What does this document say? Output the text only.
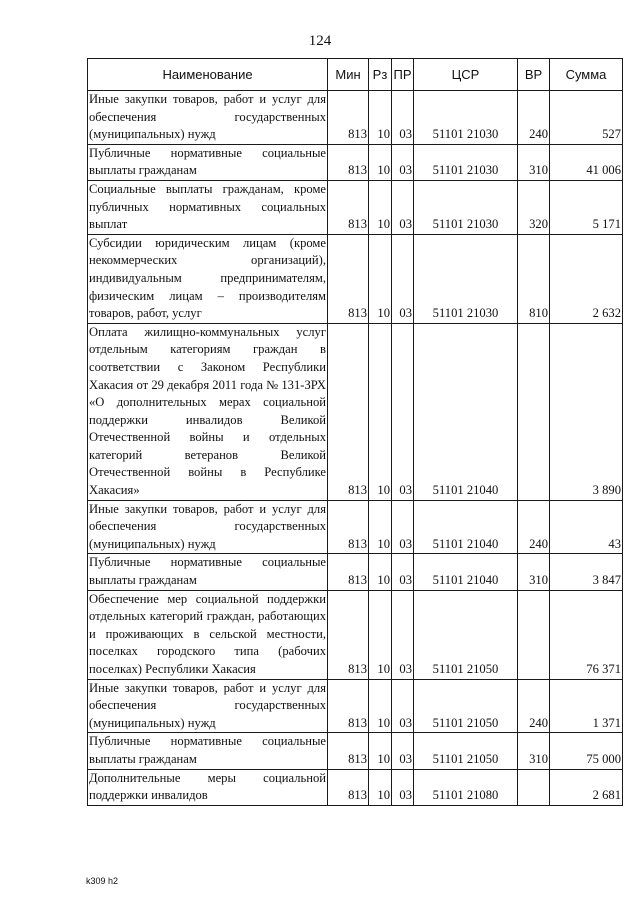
124
Наименование	Мин	Рз	ПР	ЦСР	ВР	Сумма
Иные закупки товаров, работ и услуг для обеспечения государственных (муниципальных) нужд	813	10	03	51101 21030	240	527
Публичные нормативные социальные выплаты гражданам	813	10	03	51101 21030	310	41 006
Социальные выплаты гражданам, кроме публичных нормативных социальных выплат	813	10	03	51101 21030	320	5 171
Субсидии юридическим лицам (кроме некоммерческих организаций), индивидуальным предпринимателям, физическим лицам – производителям товаров, работ, услуг	813	10	03	51101 21030	810	2 632
Оплата жилищно-коммунальных услуг отдельным категориям граждан в соответствии с Законом Республики Хакасия от 29 декабря 2011 года № 131-ЗРХ «О дополнительных мерах социальной поддержки инвалидов Великой Отечественной войны и отдельных категорий ветеранов Великой Отечественной войны в Республике Хакасия»	813	10	03	51101 21040		3 890
Иные закупки товаров, работ и услуг для обеспечения государственных (муниципальных) нужд	813	10	03	51101 21040	240	43
Публичные нормативные социальные выплаты гражданам	813	10	03	51101 21040	310	3 847
Обеспечение мер социальной поддержки отдельных категорий граждан, работающих и проживающих в сельской местности, поселках городского типа (рабочих поселках) Республики Хакасия	813	10	03	51101 21050		76 371
Иные закупки товаров, работ и услуг для обеспечения государственных (муниципальных) нужд	813	10	03	51101 21050	240	1 371
Публичные нормативные социальные выплаты гражданам	813	10	03	51101 21050	310	75 000
Дополнительные меры социальной поддержки инвалидов	813	10	03	51101 21080		2 681
k309 h2
